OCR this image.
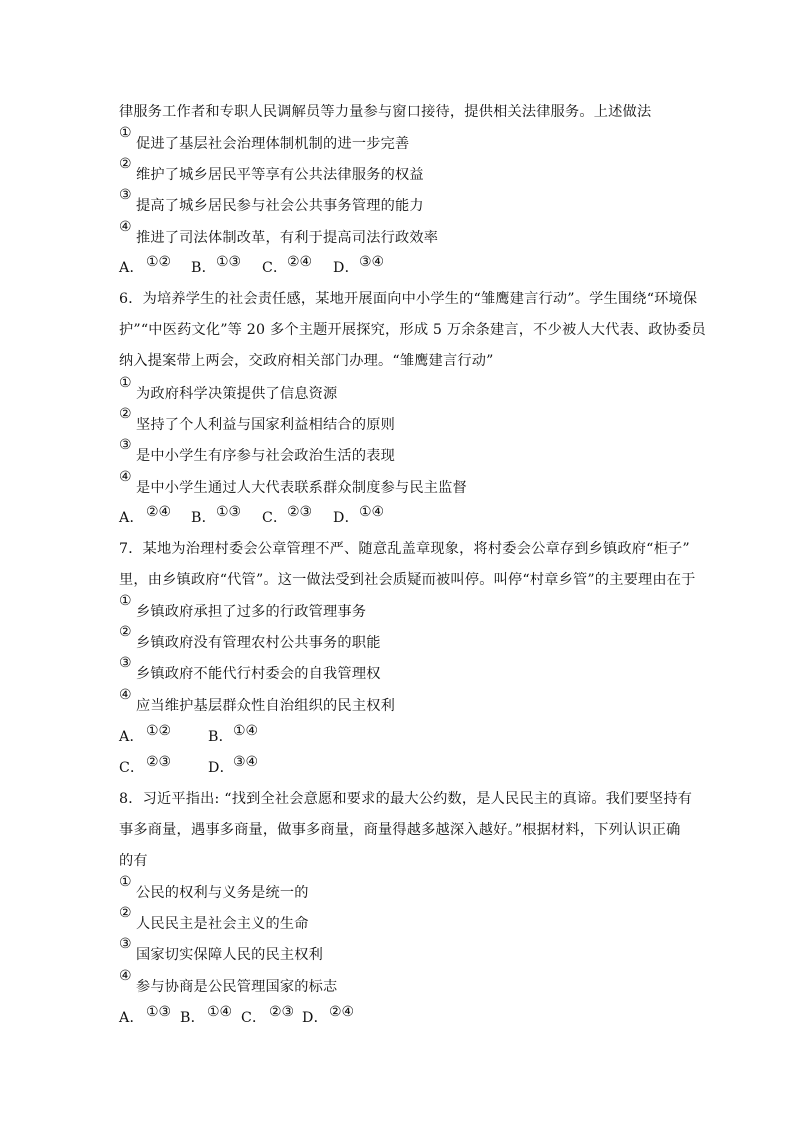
律服务工作者和专职人民调解员等力量参与窗口接待，提供相关法律服务。上述做法
①
促进了基层社会治理体制机制的进一步完善
②
维护了城乡居民平等享有公共法律服务的权益
③
提高了城乡居民参与社会公共事务管理的能力
④
推进了司法体制改革，有利于提高司法行政效率
A． ①② B． ①③ C． ②④ D． ③④
6．为培养学生的社会责任感，某地开展面向中小学生的“雏鹰建言行动”。学生围绕“环境保
护”“中医药文化”等 20 多个主题开展探究，形成 5 万余条建言，不少被人大代表、政协委员
纳入提案带上两会，交政府相关部门办理。“雏鹰建言行动”
①
为政府科学决策提供了信息资源
②
坚持了个人利益与国家利益相结合的原则
③
是中小学生有序参与社会政治生活的表现
④
是中小学生通过人大代表联系群众制度参与民主监督
A． ②④ B． ①③ C． ②③ D． ①④
7．某地为治理村委会公章管理不严、随意乱盖章现象，将村委会公章存到乡镇政府“柜子”
里，由乡镇政府“代管”。这一做法受到社会质疑而被叫停。叫停“村章乡管”的主要理由在于
①
乡镇政府承担了过多的行政管理事务
②
乡镇政府没有管理农村公共事务的职能
③
乡镇政府不能代行村委会的自我管理权
④
应当维护基层群众性自治组织的民主权利
A． ①②	B． ①④
C． ②③	D． ③④
8．习近平指出: “找到全社会意愿和要求的最大公约数，是人民民主的真谛。我们要坚持有
事多商量，遇事多商量，做事多商量，商量得越多越深入越好。”根据材料，下列认识正确
的有
①
公民的权利与义务是统一的
②
人民民主是社会主义的生命
③
国家切实保障人民的民主权利
④
参与协商是公民管理国家的标志
A． ①③ B． ①④ C． ②③ D． ②④
